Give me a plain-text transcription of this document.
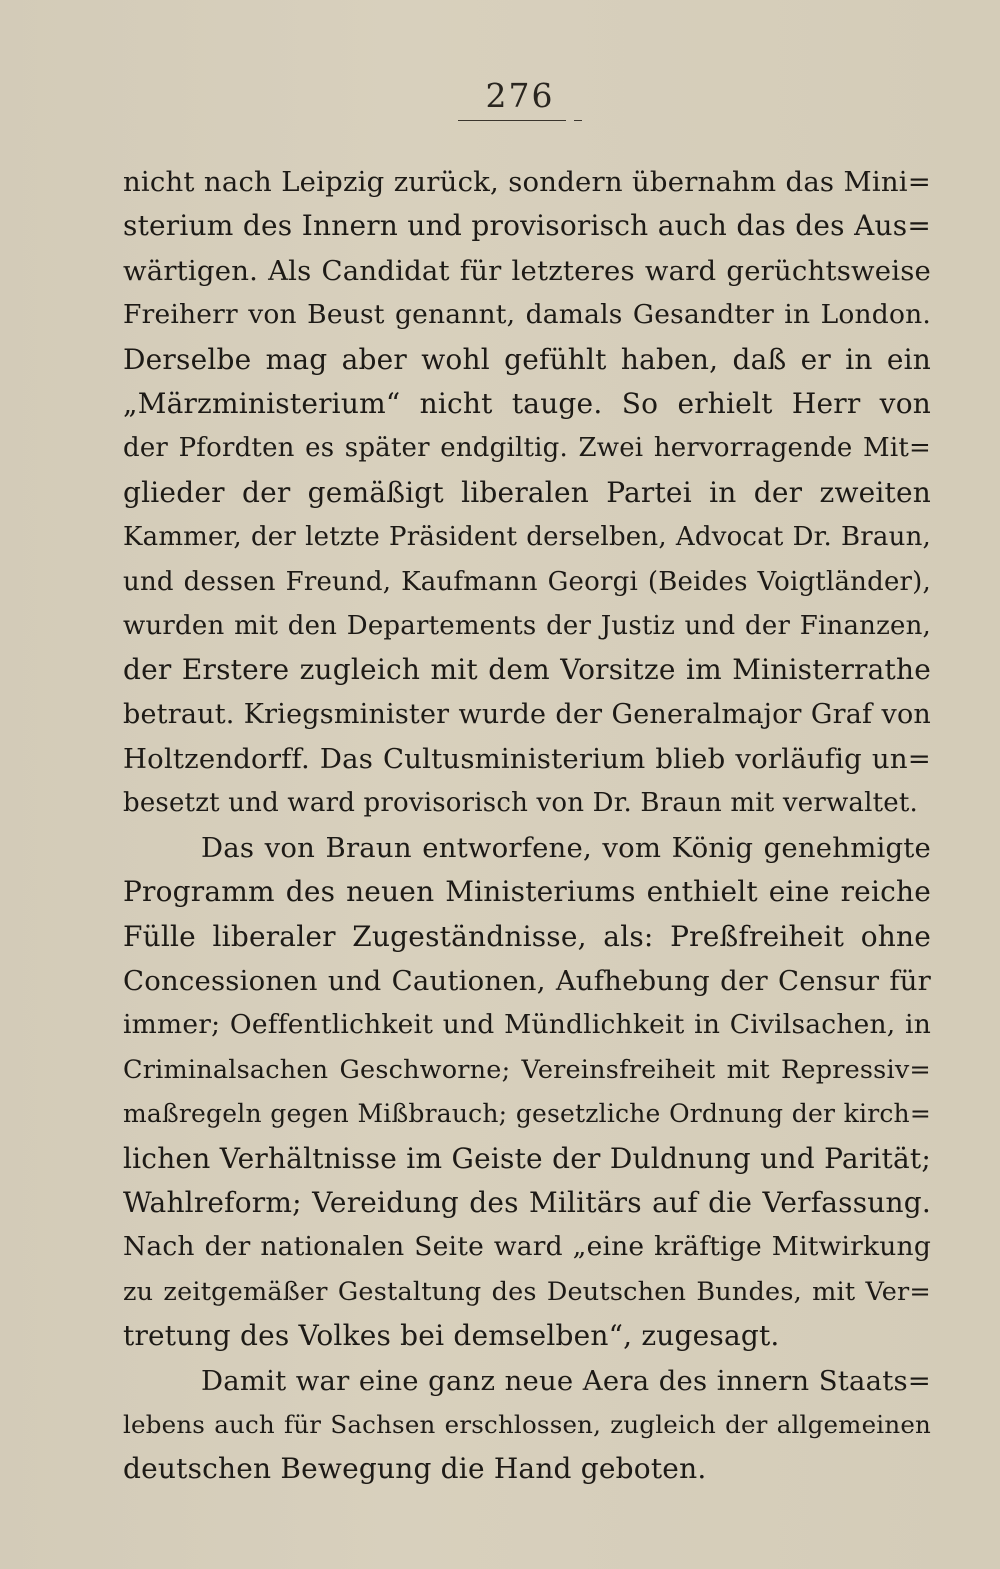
276
nicht nach Leipzig zurück, sondern übernahm das Mini=
sterium des Innern und provisorisch auch das des Aus=
wärtigen. Als Candidat für letzteres ward gerüchtsweise
Freiherr von Beust genannt, damals Gesandter in London.
Derselbe mag aber wohl gefühlt haben, daß er in ein
„Märzministerium“ nicht tauge. So erhielt Herr von
der Pfordten es später endgiltig. Zwei hervorragende Mit=
glieder der gemäßigt liberalen Partei in der zweiten
Kammer, der letzte Präsident derselben, Advocat Dr. Braun,
und dessen Freund, Kaufmann Georgi (Beides Voigtländer),
wurden mit den Departements der Justiz und der Finanzen,
der Erstere zugleich mit dem Vorsitze im Ministerrathe
betraut. Kriegsminister wurde der Generalmajor Graf von
Holtzendorff. Das Cultusministerium blieb vorläufig un=
besetzt und ward provisorisch von Dr. Braun mit verwaltet.
Das von Braun entworfene, vom König genehmigte
Programm des neuen Ministeriums enthielt eine reiche
Fülle liberaler Zugeständnisse, als: Preßfreiheit ohne
Concessionen und Cautionen, Aufhebung der Censur für
immer; Oeffentlichkeit und Mündlichkeit in Civilsachen, in
Criminalsachen Geschworne; Vereinsfreiheit mit Repressiv=
maßregeln gegen Mißbrauch; gesetzliche Ordnung der kirch=
lichen Verhältnisse im Geiste der Duldnung und Parität;
Wahlreform; Vereidung des Militärs auf die Verfassung.
Nach der nationalen Seite ward „eine kräftige Mitwirkung
zu zeitgemäßer Gestaltung des Deutschen Bundes, mit Ver=
tretung des Volkes bei demselben“, zugesagt.
Damit war eine ganz neue Aera des innern Staats=
lebens auch für Sachsen erschlossen, zugleich der allgemeinen
deutschen Bewegung die Hand geboten.
